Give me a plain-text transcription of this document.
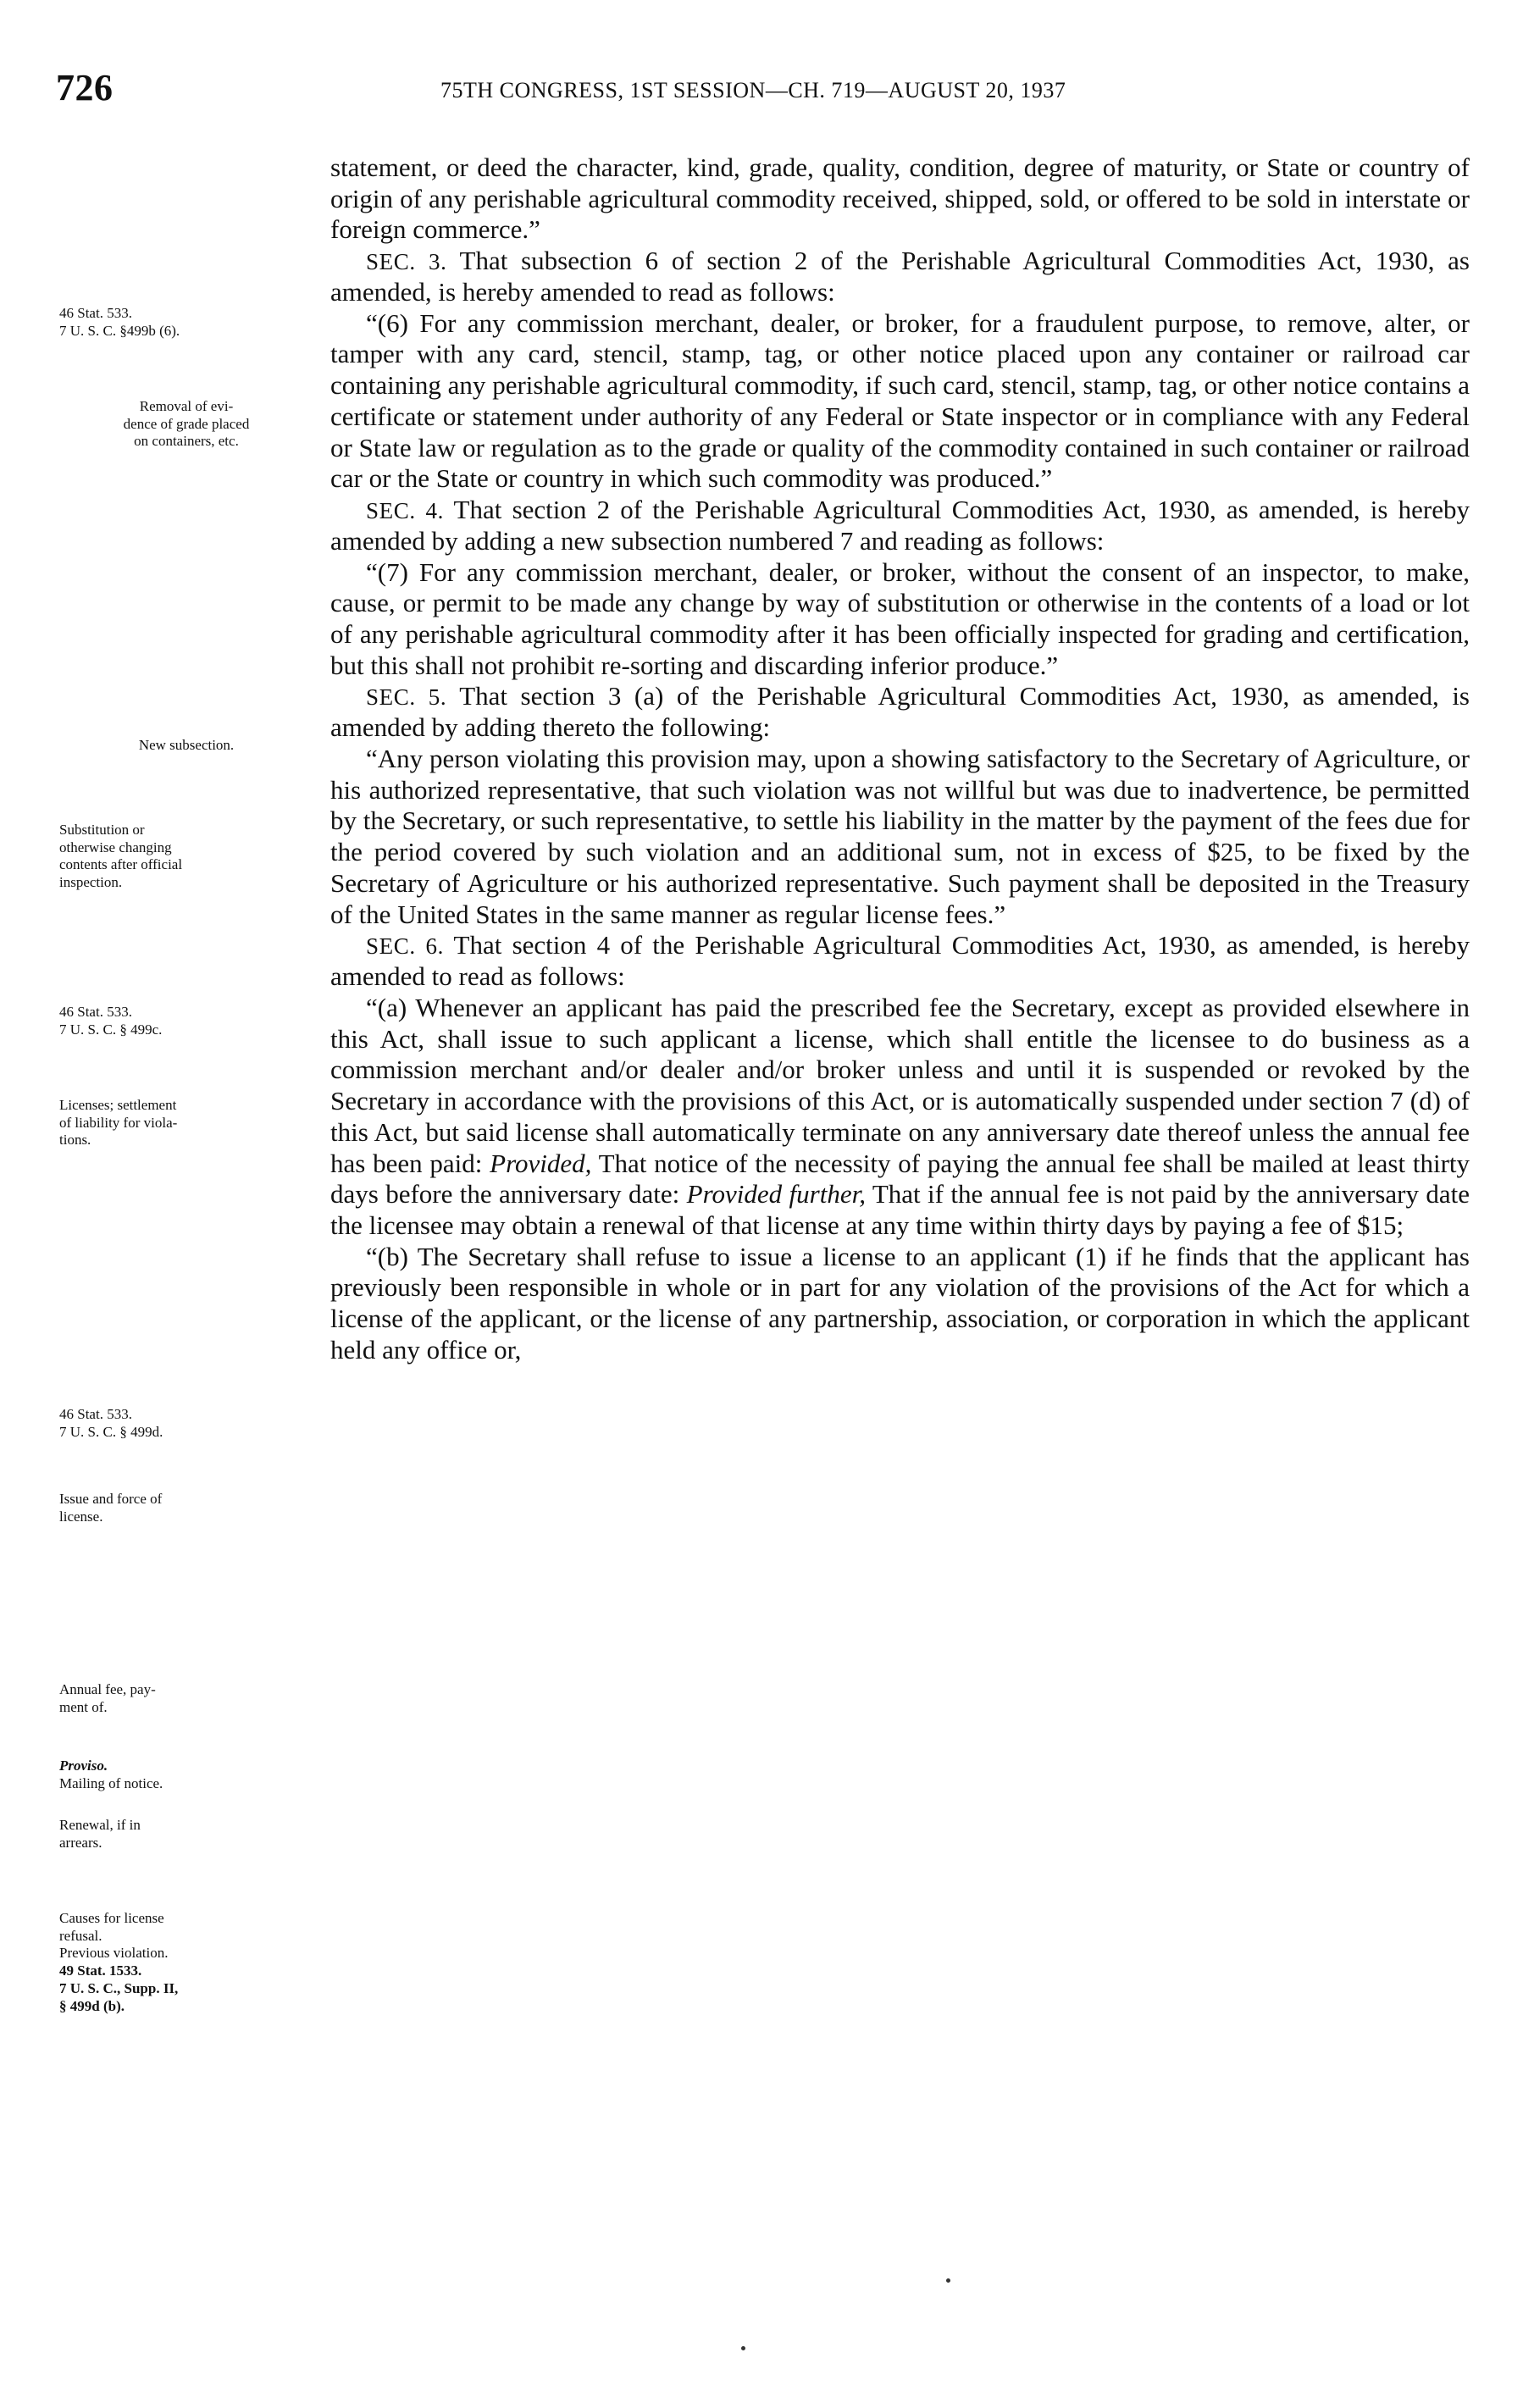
726	75TH CONGRESS, 1ST SESSION—CH. 719—AUGUST 20, 1937
46 Stat. 533.
7 U. S. C. §499b (6).
Removal of evi-
dence of grade placed
on containers, etc.
New subsection.
Substitution or
otherwise changing
contents after official
inspection.
46 Stat. 533.
7 U. S. C. § 499c.
Licenses; settlement
of liability for viola-
tions.
46 Stat. 533.
7 U. S. C. § 499d.
Issue and force of
license.
Annual fee, pay-
ment of.
Proviso.
Mailing of notice.
Renewal, if in
arrears.
Causes for license
refusal.
Previous violation.
49 Stat. 1533.
7 U. S. C., Supp. II,
§ 499d (b).

statement, or deed the character, kind, grade, quality, condition, degree of maturity, or State or country of origin of any perishable agricultural commodity received, shipped, sold, or offered to be sold in interstate or foreign commerce.”

SEC. 3. That subsection 6 of section 2 of the Perishable Agricultural Commodities Act, 1930, as amended, is hereby amended to read as follows:

“(6) For any commission merchant, dealer, or broker, for a fraudulent purpose, to remove, alter, or tamper with any card, stencil, stamp, tag, or other notice placed upon any container or railroad car containing any perishable agricultural commodity, if such card, stencil, stamp, tag, or other notice contains a certificate or statement under authority of any Federal or State inspector or in compliance with any Federal or State law or regulation as to the grade or quality of the commodity contained in such container or railroad car or the State or country in which such commodity was produced.”

SEC. 4. That section 2 of the Perishable Agricultural Commodities Act, 1930, as amended, is hereby amended by adding a new subsection numbered 7 and reading as follows:

“(7) For any commission merchant, dealer, or broker, without the consent of an inspector, to make, cause, or permit to be made any change by way of substitution or otherwise in the contents of a load or lot of any perishable agricultural commodity after it has been officially inspected for grading and certification, but this shall not prohibit re-sorting and discarding inferior produce.”

SEC. 5. That section 3 (a) of the Perishable Agricultural Commodities Act, 1930, as amended, is amended by adding thereto the following:

“Any person violating this provision may, upon a showing satisfactory to the Secretary of Agriculture, or his authorized representative, that such violation was not willful but was due to inadvertence, be permitted by the Secretary, or such representative, to settle his liability in the matter by the payment of the fees due for the period covered by such violation and an additional sum, not in excess of $25, to be fixed by the Secretary of Agriculture or his authorized representative. Such payment shall be deposited in the Treasury of the United States in the same manner as regular license fees.”

SEC. 6. That section 4 of the Perishable Agricultural Commodities Act, 1930, as amended, is hereby amended to read as follows:

“(a) Whenever an applicant has paid the prescribed fee the Secretary, except as provided elsewhere in this Act, shall issue to such applicant a license, which shall entitle the licensee to do business as a commission merchant and/or dealer and/or broker unless and until it is suspended or revoked by the Secretary in accordance with the provisions of this Act, or is automatically suspended under section 7 (d) of this Act, but said license shall automatically terminate on any anniversary date thereof unless the annual fee has been paid: Provided, That notice of the necessity of paying the annual fee shall be mailed at least thirty days before the anniversary date: Provided further, That if the annual fee is not paid by the anniversary date the licensee may obtain a renewal of that license at any time within thirty days by paying a fee of $15;

“(b) The Secretary shall refuse to issue a license to an applicant (1) if he finds that the applicant has previously been responsible in whole or in part for any violation of the provisions of the Act for which a license of the applicant, or the license of any partnership, association, or corporation in which the applicant held any office or,
